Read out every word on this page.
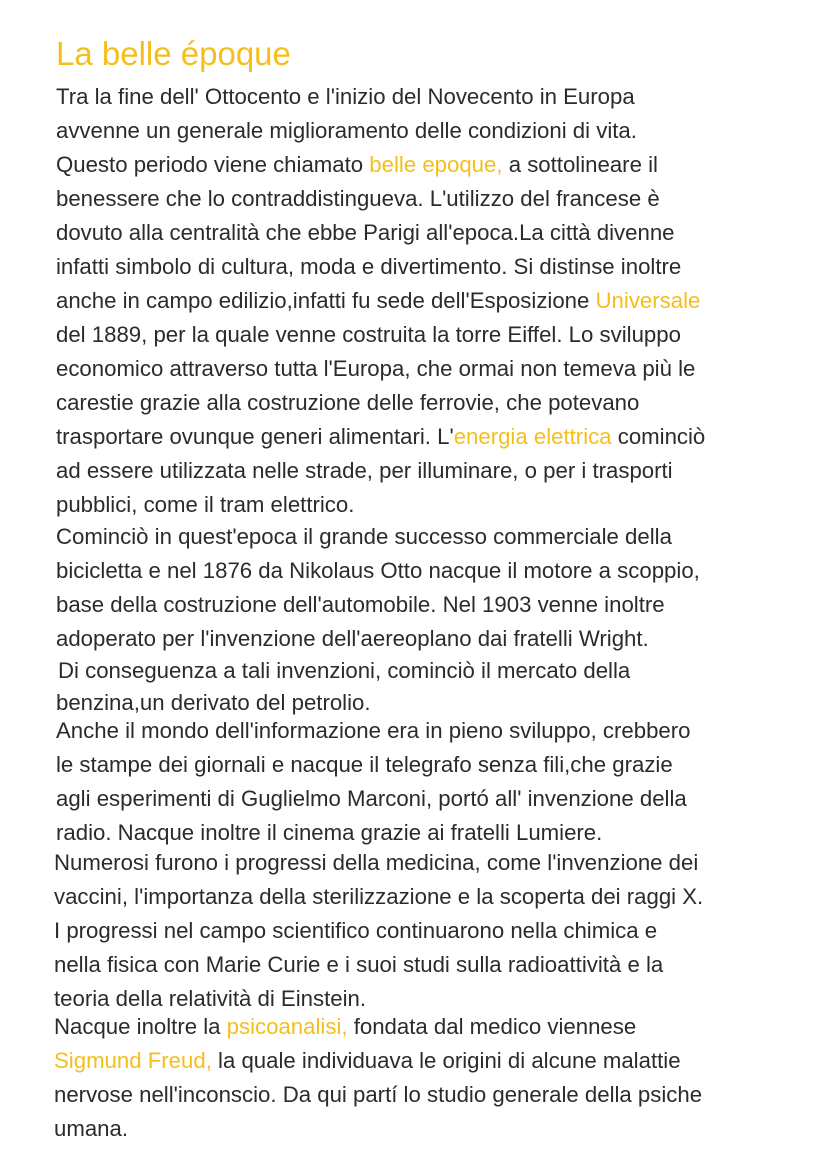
La belle époque
Tra la fine dell' Ottocento e l'inizio del Novecento in Europa
avvenne un generale miglioramento delle condizioni di vita.
Questo periodo viene chiamato belle epoque, a sottolineare il
benessere che lo contraddistingueva. L'utilizzo del francese è
dovuto alla centralità che ebbe Parigi all'epoca.La città divenne
infatti simbolo di cultura, moda e divertimento. Si distinse inoltre
anche in campo edilizio,infatti fu sede dell'Esposizione Universale
del 1889, per la quale venne costruita la torre Eiffel. Lo sviluppo
economico attraverso tutta l'Europa, che ormai non temeva più le
carestie grazie alla costruzione delle ferrovie, che potevano
trasportare ovunque generi alimentari. L'energia elettrica cominciò
ad essere utilizzata nelle strade, per illuminare, o per i trasporti
pubblici, come il tram elettrico.
Cominciò in quest'epoca il grande successo commerciale della
bicicletta e nel 1876 da Nikolaus Otto nacque il motore a scoppio,
base della costruzione dell'automobile. Nel 1903 venne inoltre
adoperato per l'invenzione dell'aereoplano dai fratelli Wright.
Di conseguenza a tali invenzioni, cominciò il mercato della
benzina,un derivato del petrolio.
Anche il mondo dell'informazione era in pieno sviluppo, crebbero
le stampe dei giornali e nacque il telegrafo senza fili,che grazie
agli esperimenti di Guglielmo Marconi, portó all' invenzione della
radio. Nacque inoltre il cinema grazie ai fratelli Lumiere.
Numerosi furono i progressi della medicina, come l'invenzione dei
vaccini, l'importanza della sterilizzazione e la scoperta dei raggi X.
I progressi nel campo scientifico continuarono nella chimica e
nella fisica con Marie Curie e i suoi studi sulla radioattività e la
teoria della relatività di Einstein.
Nacque inoltre la psicoanalisi, fondata dal medico viennese
Sigmund Freud, la quale individuava le origini di alcune malattie
nervose nell'inconscio. Da qui partí lo studio generale della psiche
umana.
